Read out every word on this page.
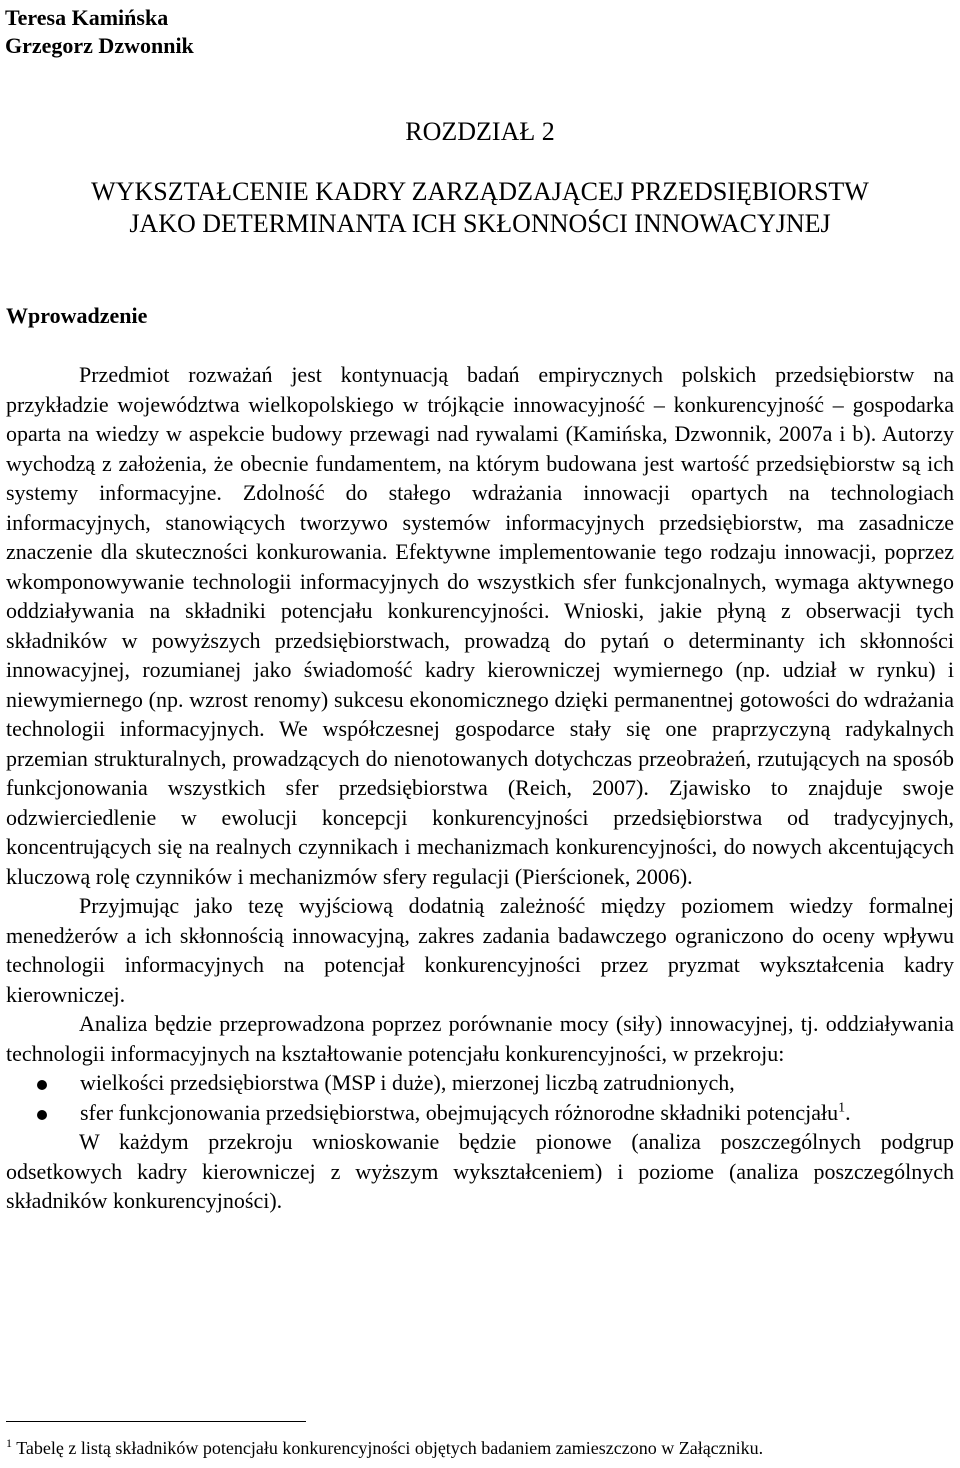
Teresa Kamińska
Grzegorz Dzwonnik
ROZDZIAŁ 2
WYKSZTAŁCENIE KADRY ZARZĄDZAJĄCEJ PRZEDSIĘBIORSTW
JAKO DETERMINANTA ICH SKŁONNOŚCI INNOWACYJNEJ
Wprowadzenie

Przedmiot rozważań jest kontynuacją badań empirycznych polskich przedsiębiorstw na przykładzie województwa wielkopolskiego w trójkącie innowacyjność – konkurencyjność – gospodarka oparta na wiedzy w aspekcie budowy przewagi nad rywalami (Kamińska, Dzwonnik, 2007a i b). Autorzy wychodzą z założenia, że obecnie fundamentem, na którym budowana jest wartość przedsiębiorstw są ich systemy informacyjne. Zdolność do stałego wdrażania innowacji opartych na technologiach informacyjnych, stanowiących tworzywo systemów informacyjnych przedsiębiorstw, ma zasadnicze znaczenie dla skuteczności konkurowania. Efektywne implementowanie tego rodzaju innowacji, poprzez wkomponowywanie technologii informacyjnych do wszystkich sfer funkcjonalnych, wymaga aktywnego oddziaływania na składniki potencjału konkurencyjności. Wnioski, jakie płyną z obserwacji tych składników w powyższych przedsiębiorstwach, prowadzą do pytań o determinanty ich skłonności innowacyjnej, rozumianej jako świadomość kadry kierowniczej wymiernego (np. udział w rynku) i niewymiernego (np. wzrost renomy) sukcesu ekonomicznego dzięki permanentnej gotowości do wdrażania technologii informacyjnych. We współczesnej gospodarce stały się one praprzyczyną radykalnych przemian strukturalnych, prowadzących do nienotowanych dotychczas przeobrażeń, rzutujących na sposób funkcjonowania wszystkich sfer przedsiębiorstwa (Reich, 2007). Zjawisko to znajduje swoje odzwierciedlenie w ewolucji koncepcji konkurencyjności przedsiębiorstwa od tradycyjnych, koncentrujących się na realnych czynnikach i mechanizmach konkurencyjności, do nowych akcentujących kluczową rolę czynników i mechanizmów sfery regulacji (Pierścionek, 2006).

Przyjmując jako tezę wyjściową dodatnią zależność między poziomem wiedzy formalnej menedżerów a ich skłonnością innowacyjną, zakres zadania badawczego ograniczono do oceny wpływu technologii informacyjnych na potencjał konkurencyjności przez pryzmat wykształcenia kadry kierowniczej.

Analiza będzie przeprowadzona poprzez porównanie mocy (siły) innowacyjnej, tj. oddziaływania technologii informacyjnych na kształtowanie potencjału konkurencyjności, w przekroju:

wielkości przedsiębiorstwa (MSP i duże), mierzonej liczbą zatrudnionych,
sfer funkcjonowania przedsiębiorstwa, obejmujących różnorodne składniki potencjału$^1$.

W każdym przekroju wnioskowanie będzie pionowe (analiza poszczególnych podgrup odsetkowych kadry kierowniczej z wyższym wykształceniem) i poziome (analiza poszczególnych składników konkurencyjności).

$^1$ Tabelę z listą składników potencjału konkurencyjności objętych badaniem zamieszczono w Załączniku.
